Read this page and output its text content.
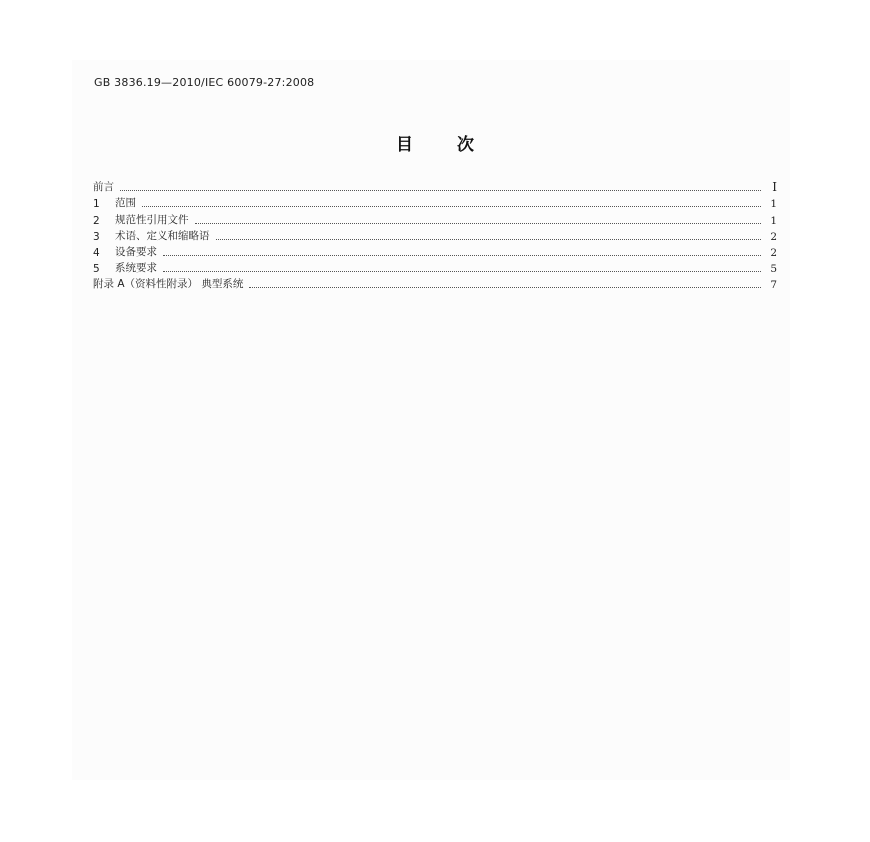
GB 3836.19—2010/IEC 60079-27:2008
目	次
前言	I
1	范围	1
2	规范性引用文件	1
3	术语、定义和缩略语	2
4	设备要求	2
5	系统要求	5
附录 A（资料性附录） 典型系统	7
